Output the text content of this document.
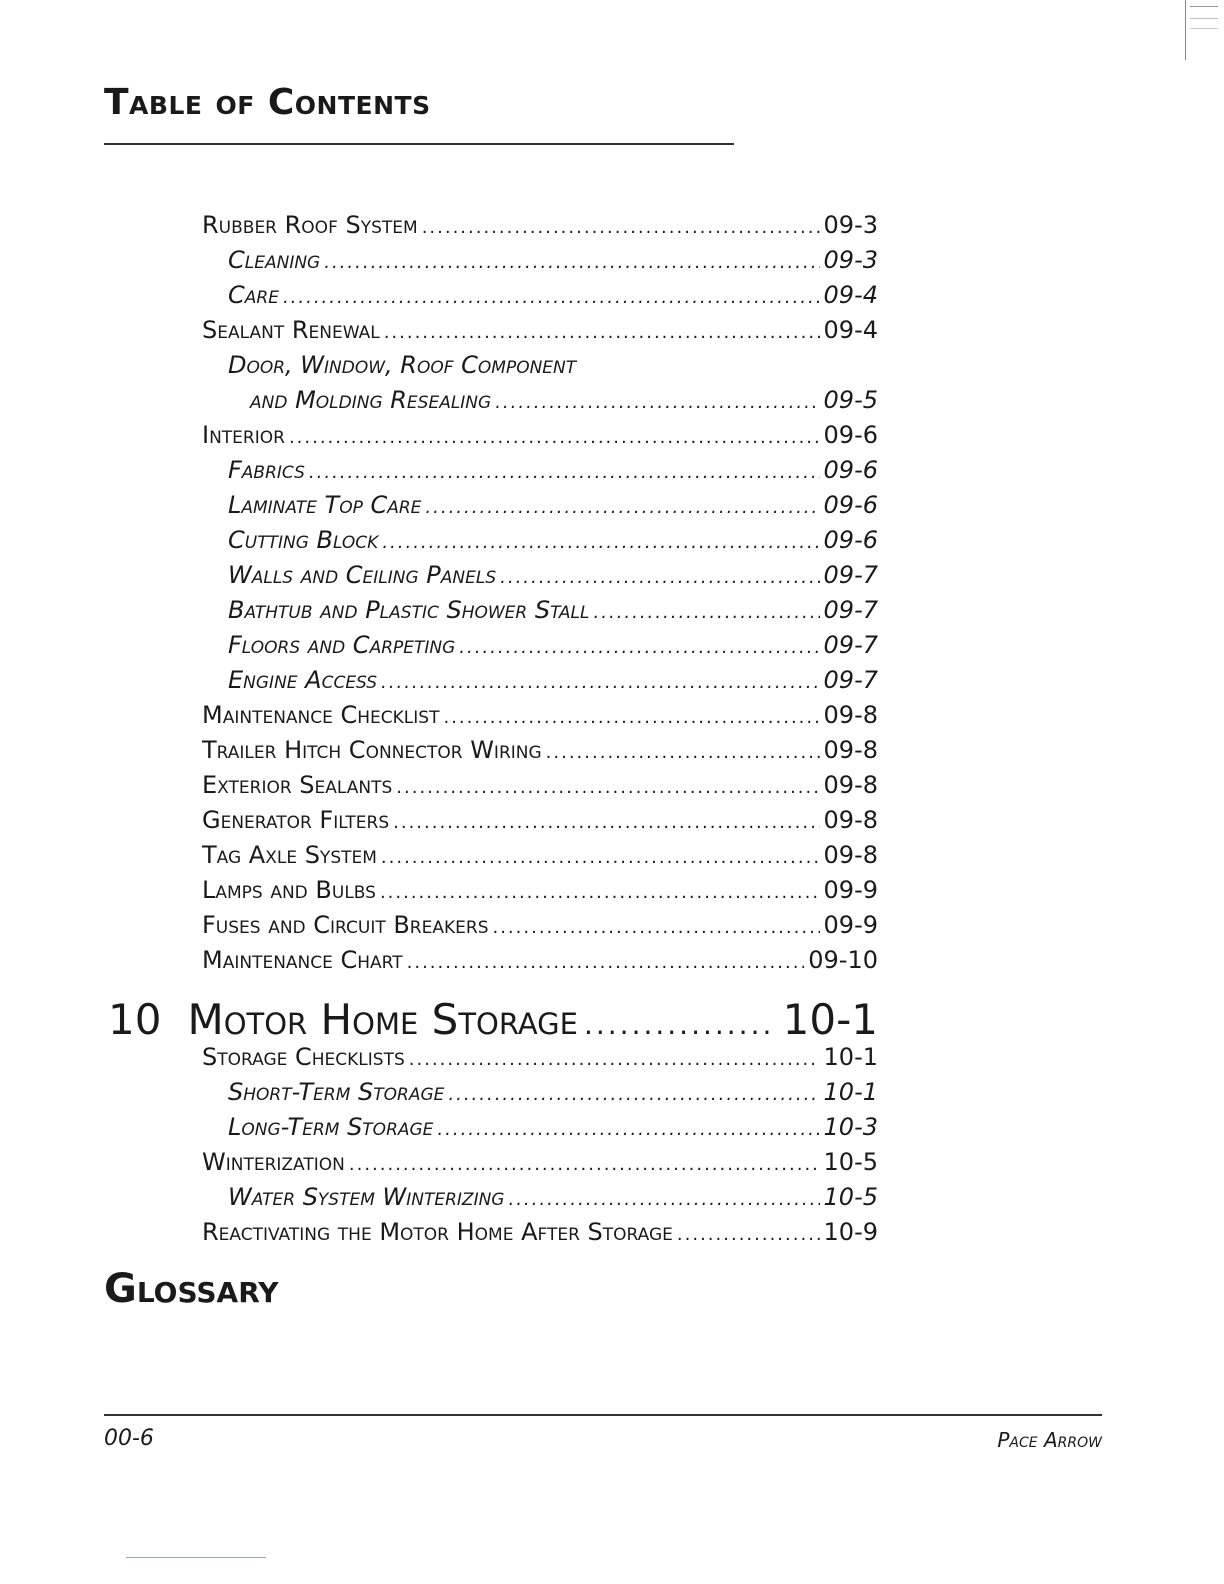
Table of Contents
Rubber Roof System .....	09-3
Cleaning .....	09-3
Care .....	09-4
Sealant Renewal .....	09-4
Door, Window, Roof Component
and Molding Resealing .....	09-5
Interior .....	09-6
Fabrics .....	09-6
Laminate Top Care .....	09-6
Cutting Block .....	09-6
Walls and Ceiling Panels .....	09-7
Bathtub and Plastic Shower Stall .....	09-7
Floors and Carpeting .....	09-7
Engine Access .....	09-7
Maintenance Checklist .....	09-8
Trailer Hitch Connector Wiring .....	09-8
Exterior Sealants .....	09-8
Generator Filters .....	09-8
Tag Axle System .....	09-8
Lamps and Bulbs .....	09-9
Fuses and Circuit Breakers .....	09-9
Maintenance Chart .....	09-10
10 Motor Home Storage .....	10-1
Storage Checklists .....	10-1
Short-Term Storage .....	10-1
Long-Term Storage .....	10-3
Winterization .....	10-5
Water System Winterizing .....	10-5
Reactivating the Motor Home After Storage .....	10-9
Glossary
00-6	Pace Arrow
